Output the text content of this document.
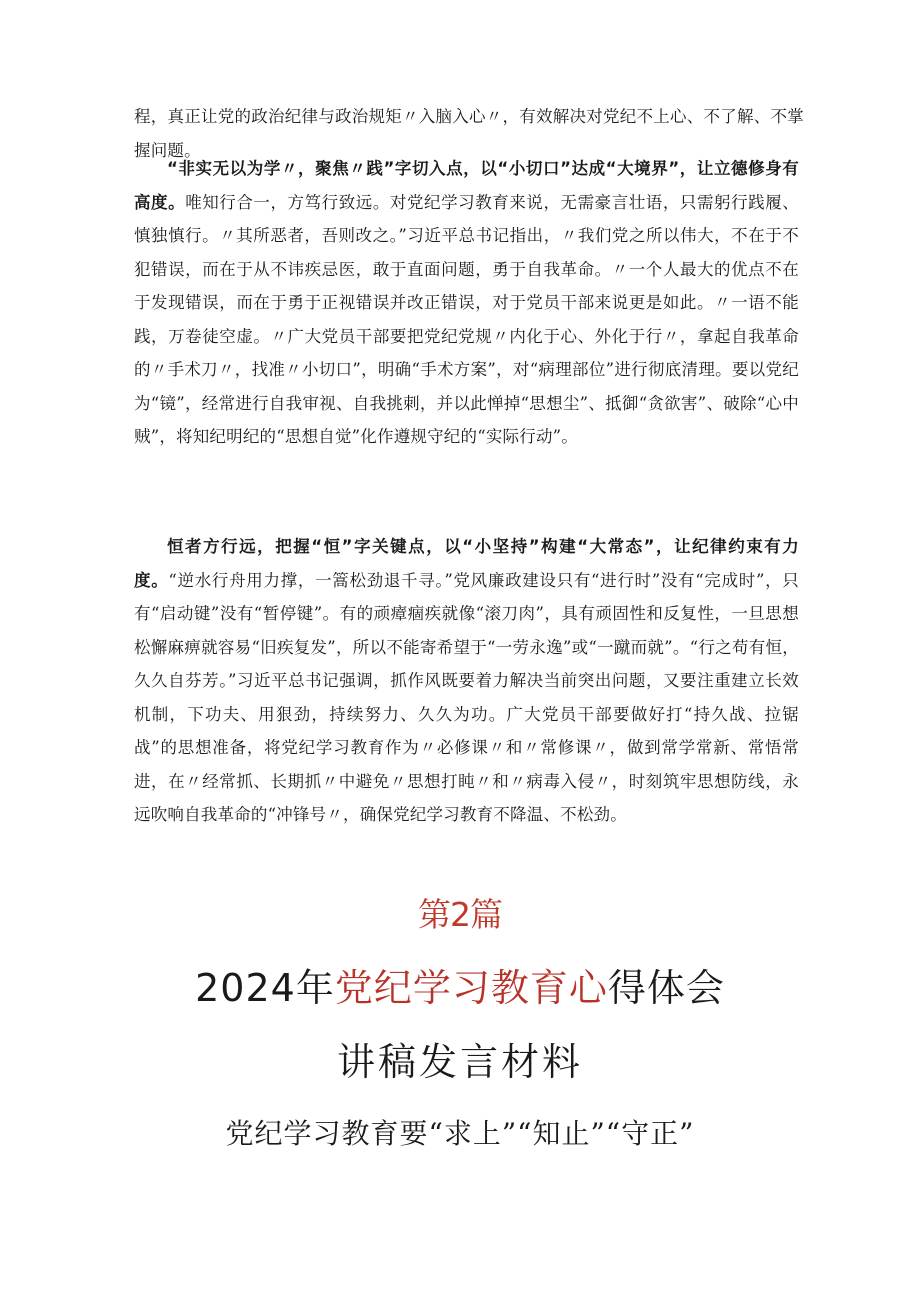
程，真正让党的政治纪律与政治规矩〃入脑入心〃，有效解决对党纪不上心、不了解、不掌握问题。

“非实无以为学〃，聚焦〃践”字切入点，以“小切口”达成“大境界”，让立德修身有高度。唯知行合一，方笃行致远。对党纪学习教育来说，无需豪言壮语，只需躬行践履、慎独慎行。〃其所恶者，吾则改之。”习近平总书记指出，〃我们党之所以伟大，不在于不犯错误，而在于从不讳疾忌医，敢于直面问题，勇于自我革命。〃一个人最大的优点不在于发现错误，而在于勇于正视错误并改正错误，对于党员干部来说更是如此。〃一语不能践，万卷徒空虚。〃广大党员干部要把党纪党规〃内化于心、外化于行〃，拿起自我革命的〃手术刀〃，找准〃小切口”，明确“手术方案”，对“病理部位”进行彻底清理。要以党纪为“镜”，经常进行自我审视、自我挑刺，并以此惮掉“思想尘”、抵御“贪欲害”、破除“心中贼”，将知纪明纪的“思想自觉”化作遵规守纪的“实际行动”。

恒者方行远，把握“恒”字关键点，以“小坚持”构建“大常态”，让纪律约束有力度。“逆水行舟用力撑，一篙松劲退千寻。”党风廉政建设只有“进行时”没有“完成时”，只有“启动键”没有“暂停键”。有的顽瘴痼疾就像“滚刀肉”，具有顽固性和反复性，一旦思想松懈麻痹就容易“旧疾复发”，所以不能寄希望于“一劳永逸”或“一蹴而就”。“行之苟有恒，久久自芬芳。”习近平总书记强调，抓作风既要着力解决当前突出问题，又要注重建立长效机制，下功夫、用狠劲，持续努力、久久为功。广大党员干部要做好打“持久战、拉锯战”的思想准备，将党纪学习教育作为〃必修课〃和〃常修课〃，做到常学常新、常悟常进，在〃经常抓、长期抓〃中避免〃思想打盹〃和〃病毒入侵〃，时刻筑牢思想防线，永远吹响自我革命的“冲锋号〃，确保党纪学习教育不降温、不松劲。

第2篇
2024年党纪学习教育心得体会
讲稿发言材料
党纪学习教育要“求上”“知止”“守正”
